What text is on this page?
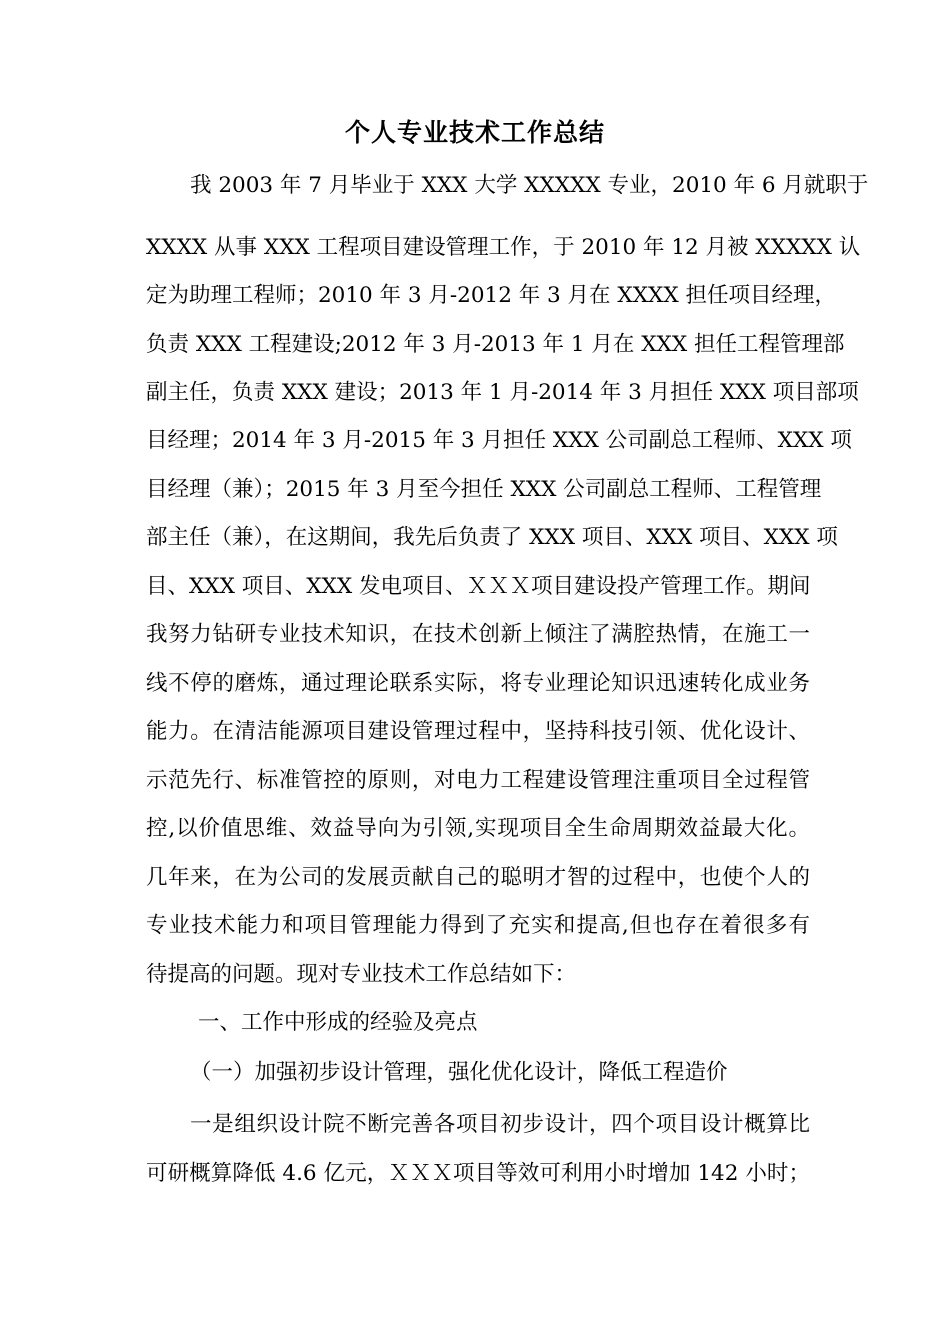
个人专业技术工作总结
我 2003 年 7 月毕业于 XXX 大学 XXXXX 专业，2010 年 6 月就职于
XXXX 从事 XXX 工程项目建设管理工作，于 2010 年 12 月被 XXXXX 认
定为助理工程师；2010 年 3 月-2012 年 3 月在 XXXX 担任项目经理，
负责 XXX 工程建设;2012 年 3 月-2013 年 1 月在 XXX 担任工程管理部
副主任，负责 XXX 建设；2013 年 1 月-2014 年 3 月担任 XXX 项目部项
目经理；2014 年 3 月-2015 年 3 月担任 XXX 公司副总工程师、XXX 项
目经理（兼）；2015 年 3 月至今担任 XXX 公司副总工程师、工程管理
部主任（兼），在这期间，我先后负责了 XXX 项目、XXX 项目、XXX 项
目、XXX 项目、XXX 发电项目、ＸＸＸ项目建设投产管理工作。期间
我努力钻研专业技术知识，在技术创新上倾注了满腔热情，在施工一
线不停的磨炼，通过理论联系实际，将专业理论知识迅速转化成业务
能力。在清洁能源项目建设管理过程中，坚持科技引领、优化设计、
示范先行、标准管控的原则，对电力工程建设管理注重项目全过程管
控,以价值思维、效益导向为引领,实现项目全生命周期效益最大化。
几年来，在为公司的发展贡献自己的聪明才智的过程中，也使个人的
专业技术能力和项目管理能力得到了充实和提高,但也存在着很多有
待提高的问题。现对专业技术工作总结如下：
一、工作中形成的经验及亮点
（一）加强初步设计管理，强化优化设计，降低工程造价
一是组织设计院不断完善各项目初步设计，四个项目设计概算比
可研概算降低 4.6 亿元，ＸＸＸ项目等效可利用小时增加 142 小时；
